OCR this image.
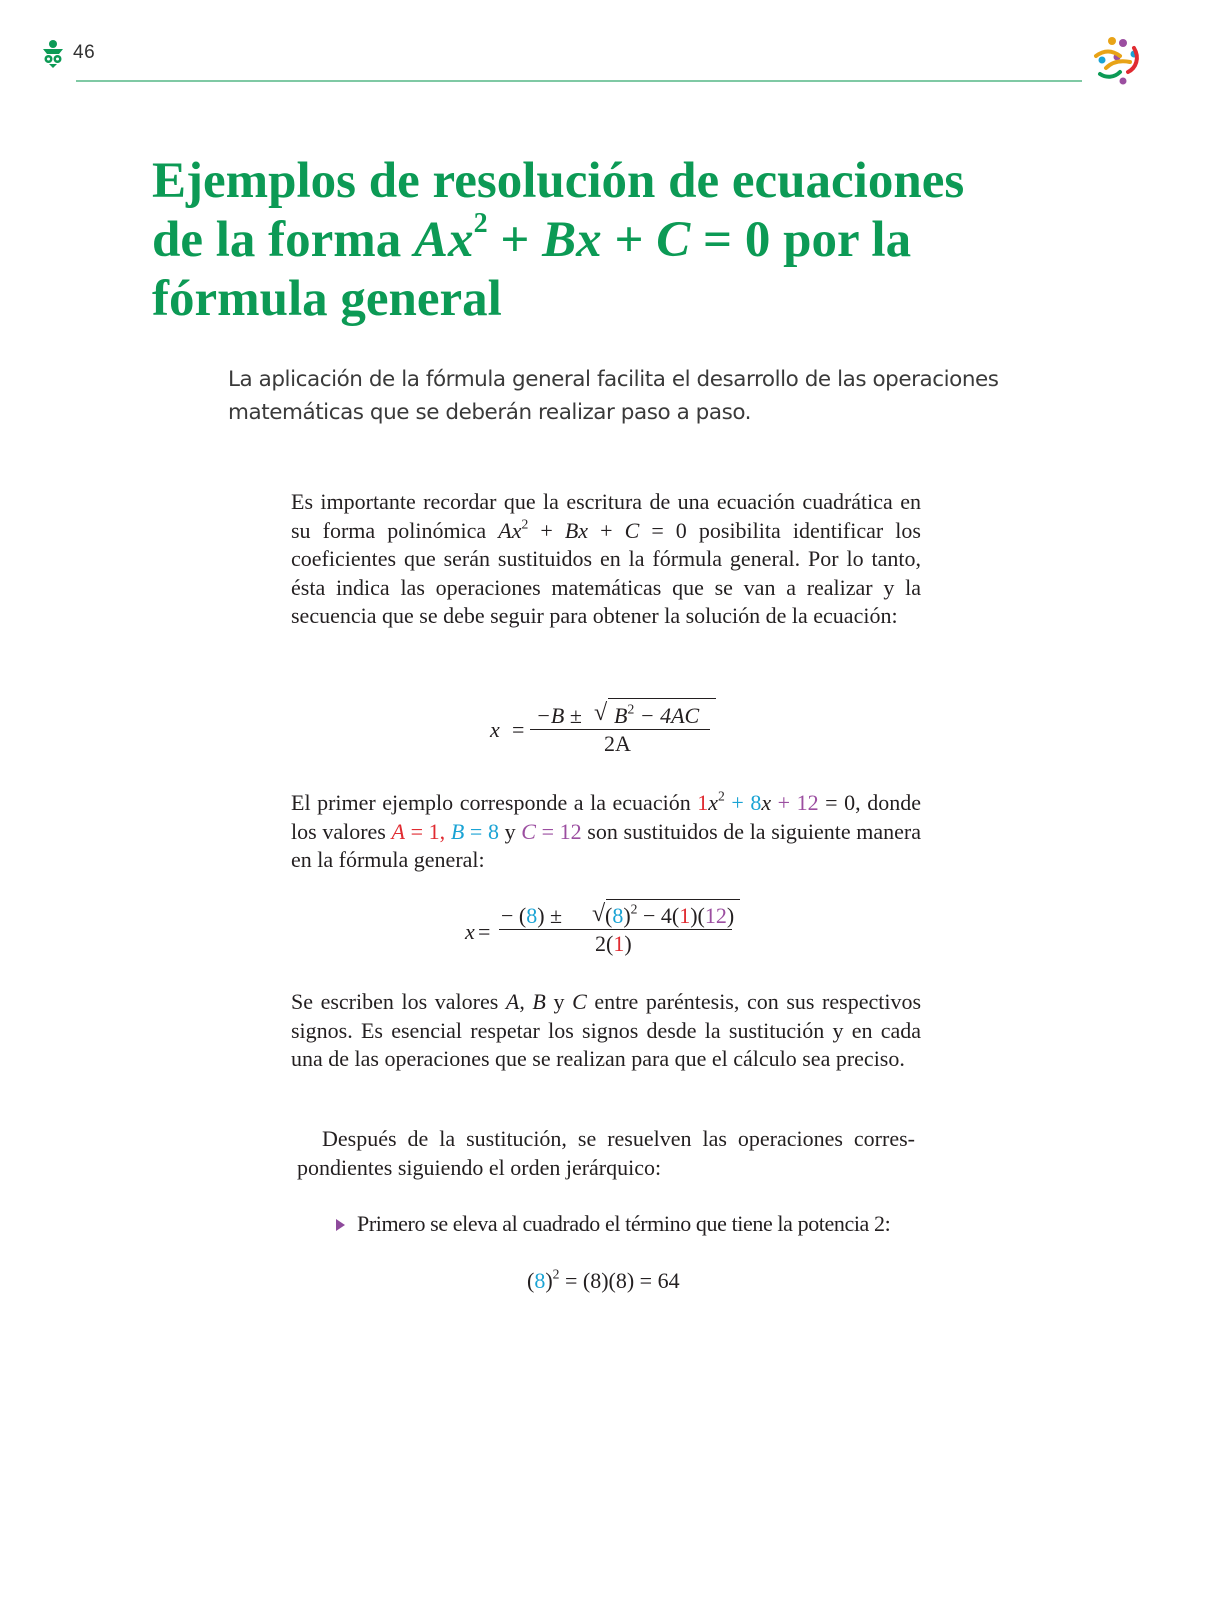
46
Ejemplos de resolución de ecuaciones
de la forma $Ax^2 + Bx + C = 0$ por la
fórmula general

La aplicación de la fórmula general facilita el desarrollo de las operaciones matemáticas que se deberán realizar paso a paso.

Es importante recordar que la escritura de una ecuación cuadrática en su forma polinómica $Ax^2 + Bx + C = 0$ posibilita identificar los coeficientes que serán sustituidos en la fórmula general. Por lo tanto, ésta indica las operaciones matemáticas que se van a realizar y la secuencia que se debe seguir para obtener la solución de la ecuación:

x =
−B ± √ $B^2 - 4AC$
2A

El primer ejemplo corresponde a la ecuación $1x^2 + 8x + 12 = 0$, donde los valores A = 1, B = 8 y C = 12 son sustituidos de la siguiente manera en la fórmula general:

x =
− (8) ± √ $(8)^2 - 4(1)(12)$
2(1)

Se escriben los valores A, B y C entre paréntesis, con sus respectivos signos. Es esencial respetar los signos desde la sustitución y en cada una de las operaciones que se realizan para que el cálculo sea preciso.

Después de la sustitución, se resuelven las operaciones correspondientes siguiendo el orden jerárquico:

Primero se eleva al cuadrado el término que tiene la potencia 2:
$(8)^2 = (8)(8) = 64$
